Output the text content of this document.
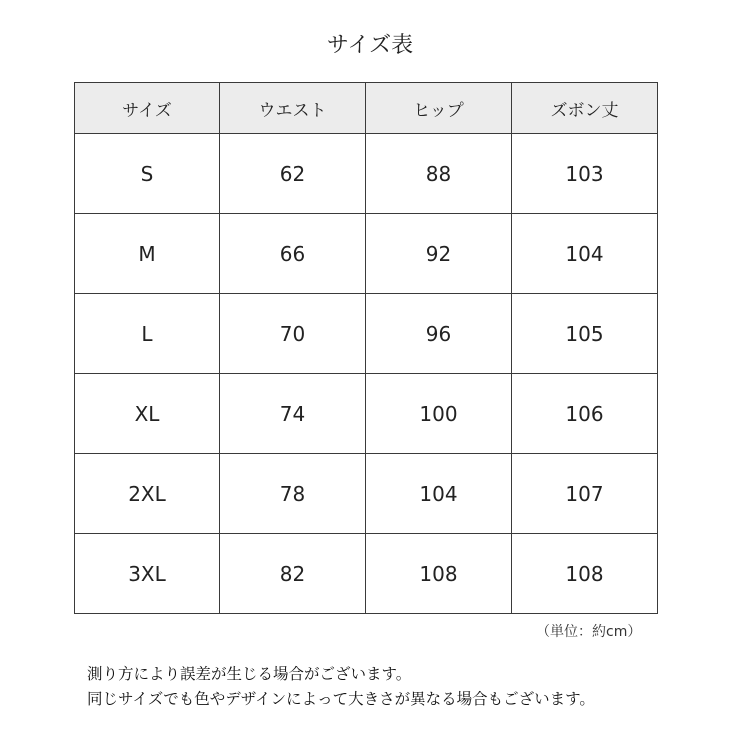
サイズ表
サイズ	ウエスト	ヒップ	ズボン丈
S	62	88	103
M	66	92	104
L	70	96	105
XL	74	100	106
2XL	78	104	107
3XL	82	108	108
（単位：約cm）
測り方により誤差が生じる場合がございます。
同じサイズでも色やデザインによって大きさが異なる場合もございます。
